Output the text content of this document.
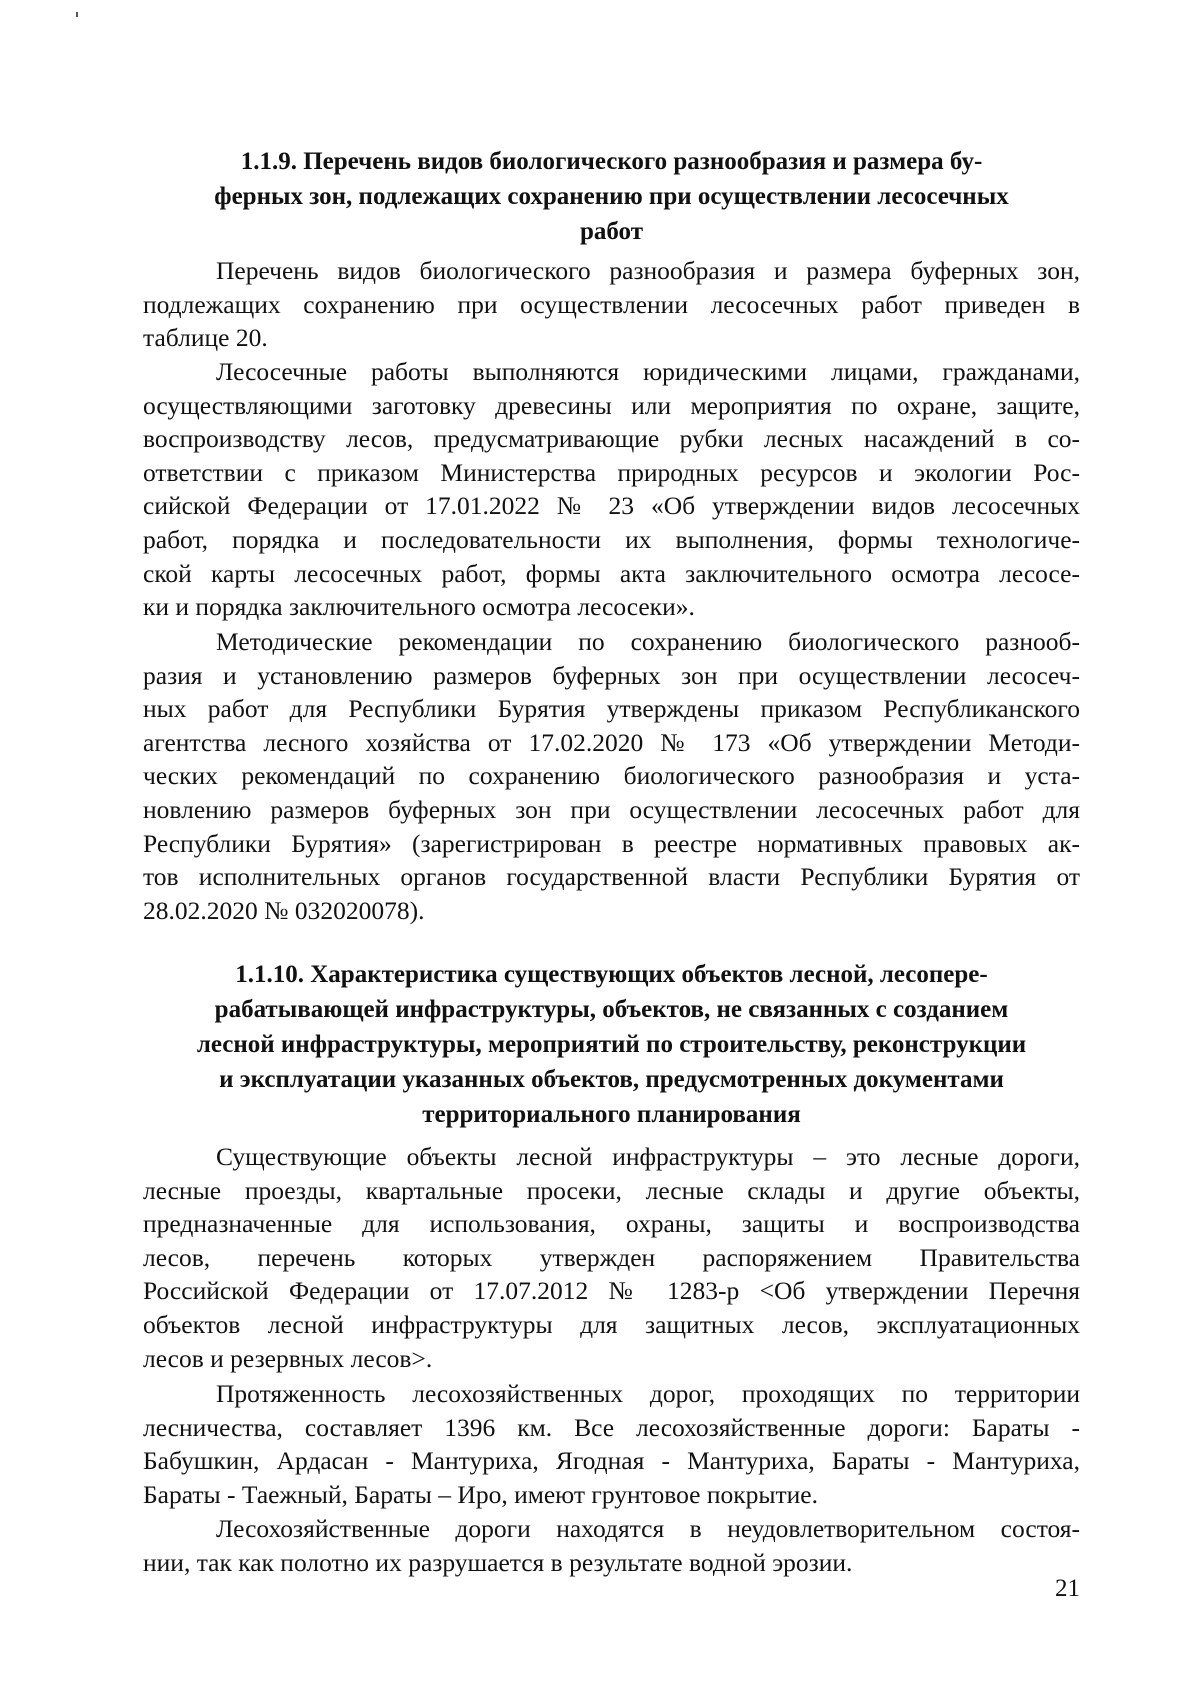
1.1.9. Перечень видов биологического разнообразия и размера бу-
ферных зон, подлежащих сохранению при осуществлении лесосечных
работ
Перечень видов биологического разнообразия и размера буферных зон,
подлежащих сохранению при осуществлении лесосечных работ приведен в
таблице 20.
Лесосечные работы выполняются юридическими лицами, гражданами,
осуществляющими заготовку древесины или мероприятия по охране, защите,
воспроизводству лесов, предусматривающие рубки лесных насаждений в со-
ответствии с приказом Министерства природных ресурсов и экологии Рос-
сийской Федерации от 17.01.2022 № 23 «Об утверждении видов лесосечных
работ, порядка и последовательности их выполнения, формы технологиче-
ской карты лесосечных работ, формы акта заключительного осмотра лесосе-
ки и порядка заключительного осмотра лесосеки».
Методические рекомендации по сохранению биологического разнооб-
разия и установлению размеров буферных зон при осуществлении лесосеч-
ных работ для Республики Бурятия утверждены приказом Республиканского
агентства лесного хозяйства от 17.02.2020 № 173 «Об утверждении Методи-
ческих рекомендаций по сохранению биологического разнообразия и уста-
новлению размеров буферных зон при осуществлении лесосечных работ для
Республики Бурятия» (зарегистрирован в реестре нормативных правовых ак-
тов исполнительных органов государственной власти Республики Бурятия от
28.02.2020 № 032020078).
1.1.10. Характеристика существующих объектов лесной, лесопере-
рабатывающей инфраструктуры, объектов, не связанных с созданием
лесной инфраструктуры, мероприятий по строительству, реконструкции
и эксплуатации указанных объектов, предусмотренных документами
территориального планирования
Существующие объекты лесной инфраструктуры – это лесные дороги,
лесные проезды, квартальные просеки, лесные склады и другие объекты,
предназначенные для использования, охраны, защиты и воспроизводства
лесов, перечень которых утвержден распоряжением Правительства
Российской Федерации от 17.07.2012 № 1283-р <Об утверждении Перечня
объектов лесной инфраструктуры для защитных лесов, эксплуатационных
лесов и резервных лесов>.
Протяженность лесохозяйственных дорог, проходящих по территории
лесничества, составляет 1396 км. Все лесохозяйственные дороги: Бараты -
Бабушкин, Ардасан - Мантуриха, Ягодная - Мантуриха, Бараты - Мантуриха,
Бараты - Таежный, Бараты – Иро, имеют грунтовое покрытие.
Лесохозяйственные дороги находятся в неудовлетворительном состоя-
нии, так как полотно их разрушается в результате водной эрозии.
21
